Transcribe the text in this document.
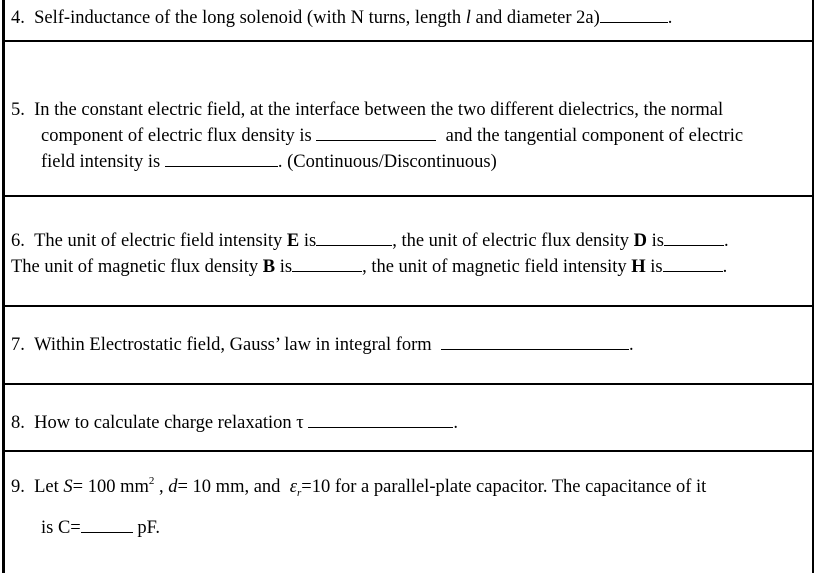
4. Self-inductance of the long solenoid (with N turns, length l and diameter 2a)	.
5. In the constant electric field, at the interface between the two different dielectrics, the normal
component of electric flux density is	and the tangential component of electric
field intensity is	. (Continuous/Discontinuous)
6. The unit of electric field intensity E is	, the unit of electric flux density D is	.
The unit of magnetic flux density B is	, the unit of magnetic field intensity H is	.
7. Within Electrostatic field, Gauss’ law in integral form	.
8. How to calculate charge relaxation τ	.
9. Let S= 100 $mm^2$ , d= 10 mm, and  $\varepsilon_r=10$ for a parallel-plate capacitor. The capacitance of it
is C=	pF.
